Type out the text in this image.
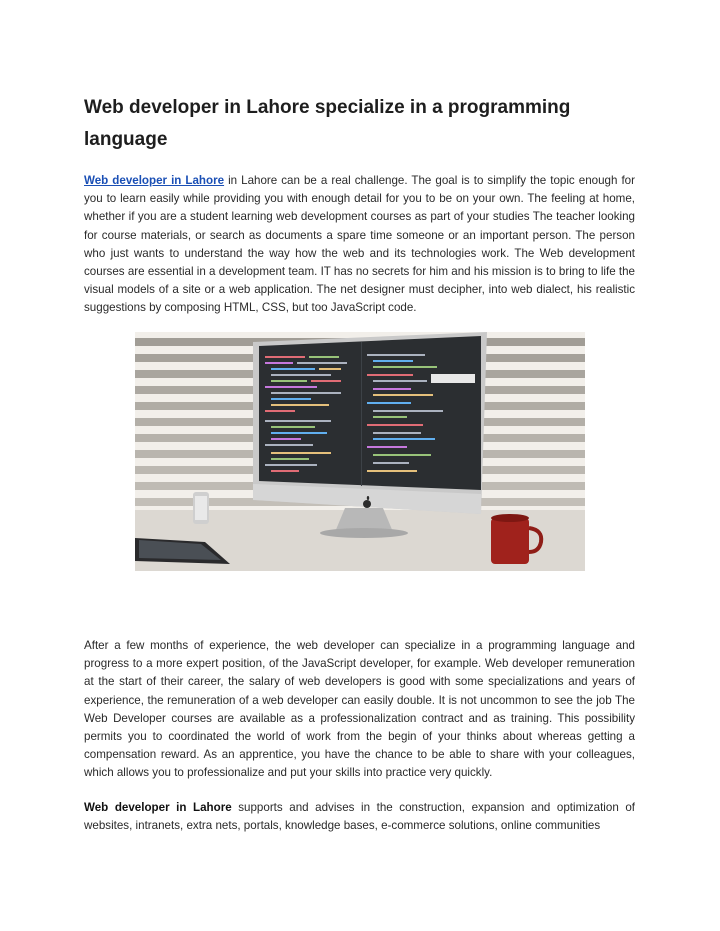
Web developer in Lahore specialize in a programming language

Web developer in Lahore in Lahore can be a real challenge. The goal is to simplify the topic enough for you to learn easily while providing you with enough detail for you to be on your own. The feeling at home, whether if you are a student learning web development courses as part of your studies The teacher looking for course materials, or search as documents a spare time someone or an important person. The person who just wants to understand the way how the web and its technologies work. The Web development courses are essential in a development team. IT has no secrets for him and his mission is to bring to life the visual models of a site or a web application. The net designer must decipher, into web dialect, his realistic suggestions by composing HTML, CSS, but too JavaScript code.

After a few months of experience, the web developer can specialize in a programming language and progress to a more expert position, of the JavaScript developer, for example. Web developer remuneration at the start of their career, the salary of web developers is good with some specializations and years of experience, the remuneration of a web developer can easily double. It is not uncommon to see the job The Web Developer courses are available as a professionalization contract and as training. This possibility permits you to coordinated the world of work from the begin of your thinks about whereas getting a compensation reward. As an apprentice, you have the chance to be able to share with your colleagues, which allows you to professionalize and put your skills into practice very quickly.

Web developer in Lahore supports and advises in the construction, expansion and optimization of websites, intranets, extra nets, portals, knowledge bases, e-commerce solutions, online communities
